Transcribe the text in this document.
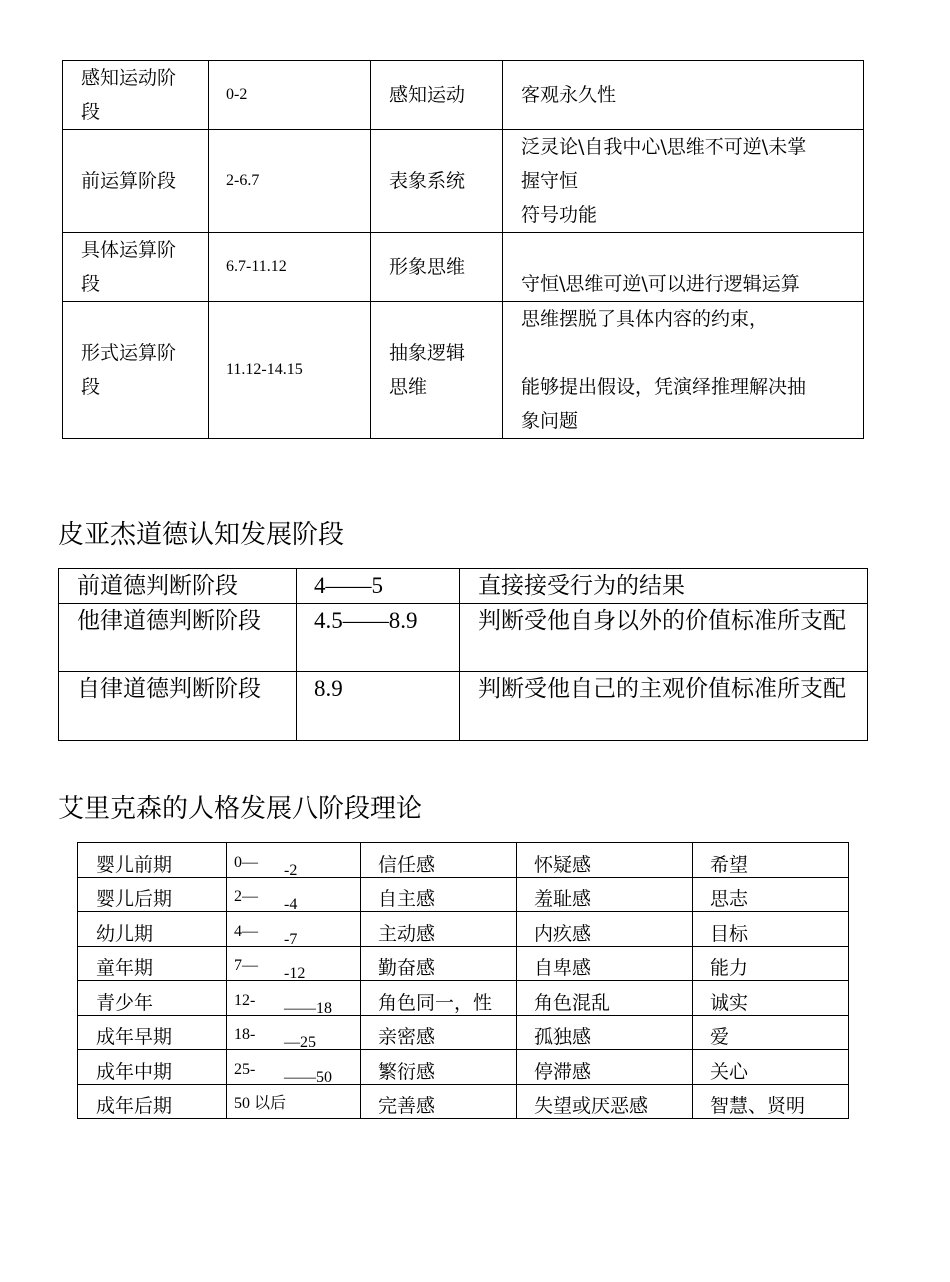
感知运动阶
段	0-2	感知运动	客观永久性

前运算阶段	2-6.7	表象系统	泛灵论\自我中心\思维不可逆\未掌
握守恒
符号功能

具体运算阶
段	6.7-11.12	形象思维	守恒\思维可逆\可以进行逻辑运算

形式运算阶
段	11.12-14.15	抽象逻辑
思维	思维摆脱了具体内容的约束，
能够提出假设，凭演绎推理解决抽
象问题
皮亚杰道德认知发展阶段
前道德判断阶段	4——5	直接接受行为的结果
他律道德判断阶段	4.5——8.9	判断受他自身以外的价值标准所支配
自律道德判断阶段	8.9	判断受他自己的主观价值标准所支配
艾里克森的人格发展八阶段理论
婴儿前期	0— -2	信任感	怀疑感	希望
婴儿后期	2— -4	自主感	羞耻感	思志
幼儿期	4— -7	主动感	内疚感	目标
童年期	7— -12	勤奋感	自卑感	能力
青少年	12- ——18	角色同一，性	角色混乱	诚实
成年早期	18- —25	亲密感	孤独感	爱
成年中期	25- ——50	繁衍感	停滞感	关心
成年后期	50 以后	完善感	失望或厌恶感	智慧、贤明
